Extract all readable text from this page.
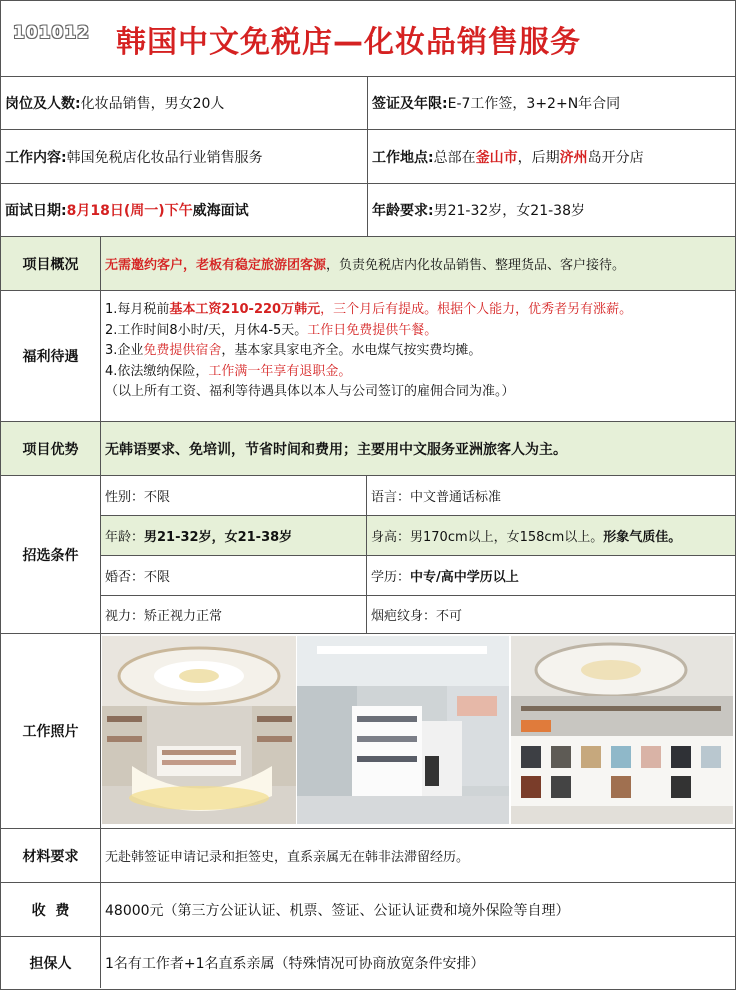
101012 韩国中文免税店—化妆品销售服务
岗位及人数: 化妆品销售，男女20人	签证及年限: E-7工作签，3+2+N年合同
工作内容: 韩国免税店化妆品行业销售服务	工作地点: 总部在 釜山市 ，后期 济州 岛开分店
面试日期: 8月18日(周一)下午 威海面试	年龄要求: 男21-32岁，女21-38岁
项目概况	无需邀约客户，老板有稳定旅游团客源 ，负责免税店内化妆品销售、整理货品、客户接待。
福利待遇
1.每月税前基本工资210-220万韩元，三个月后有提成。根据个人能力，优秀者另有涨薪。
2.工作时间8小时/天，月休4-5天。工作日免费提供午餐。
3.企业免费提供宿舍，基本家具家电齐全。水电煤气按实费均摊。
4.依法缴纳保险，工作满一年享有退职金。
（以上所有工资、福利等待遇具体以本人与公司签订的雇佣合同为准。）
项目优势	无韩语要求、免培训，节省时间和费用；主要用中文服务亚洲旅客人为主。
招选条件
性别：不限	语言：中文普通话标准
年龄： 男21-32岁，女21-38岁	身高：男170cm以上，女158cm以上。 形象气质佳。
婚否：不限	学历： 中专/高中学历以上
视力：矫正视力正常	烟疤纹身：不可
工作照片
材料要求	无赴韩签证申请记录和拒签史，直系亲属无在韩非法滞留经历。
收  费	48000元（第三方公证认证、机票、签证、公证认证费和境外保险等自理）
担保人	1名有工作者+1名直系亲属（特殊情况可协商放宽条件安排）
